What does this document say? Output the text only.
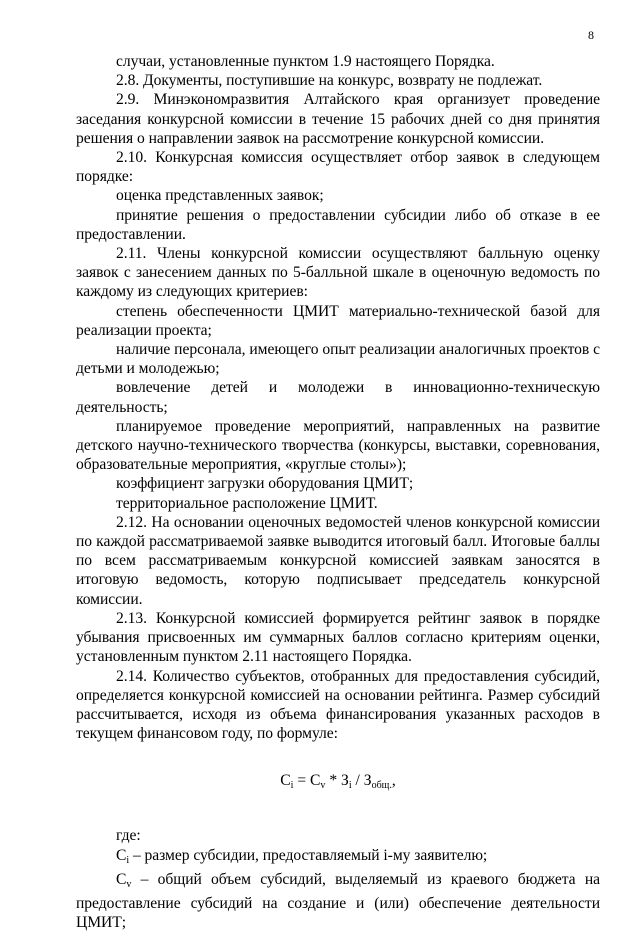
8

случаи, установленные пунктом 1.9 настоящего Порядка.

2.8. Документы, поступившие на конкурс, возврату не подлежат.

2.9. Минэкономразвития Алтайского края организует проведение заседания конкурсной комиссии в течение 15 рабочих дней со дня принятия решения о направлении заявок на рассмотрение конкурсной комиссии.

2.10. Конкурсная комиссия осуществляет отбор заявок в следующем порядке:

оценка представленных заявок;

принятие решения о предоставлении субсидии либо об отказе в ее предоставлении.

2.11. Члены конкурсной комиссии осуществляют балльную оценку заявок с занесением данных по 5-балльной шкале в оценочную ведомость по каждому из следующих критериев:

степень обеспеченности ЦМИТ материально-технической базой для реализации проекта;

наличие персонала, имеющего опыт реализации аналогичных проектов с детьми и молодежью;

вовлечение детей и молодежи в инновационно-техническую деятельность;

планируемое проведение мероприятий, направленных на развитие детского научно-технического творчества (конкурсы, выставки, соревнования, образовательные мероприятия, «круглые столы»);

коэффициент загрузки оборудования ЦМИТ;

территориальное расположение ЦМИТ.

2.12. На основании оценочных ведомостей членов конкурсной комиссии по каждой рассматриваемой заявке выводится итоговый балл. Итоговые баллы по всем рассматриваемым конкурсной комиссией заявкам заносятся в итоговую ведомость, которую подписывает председатель конкурсной комиссии.

2.13. Конкурсной комиссией формируется рейтинг заявок в порядке убывания присвоенных им суммарных баллов согласно критериям оценки, установленным пунктом 2.11 настоящего Порядка.

2.14. Количество субъектов, отобранных для предоставления субсидий, определяется конкурсной комиссией на основании рейтинга. Размер субсидий рассчитывается, исходя из объема финансирования указанных расходов в текущем финансовом году, по формуле:

$C_i = C_v * З_i / З_{общ.}$,

где:

Ci – размер субсидии, предоставляемый i-му заявителю;

Cv – общий объем субсидий, выделяемый из краевого бюджета на предоставление субсидий на создание и (или) обеспечение деятельности ЦМИТ;
